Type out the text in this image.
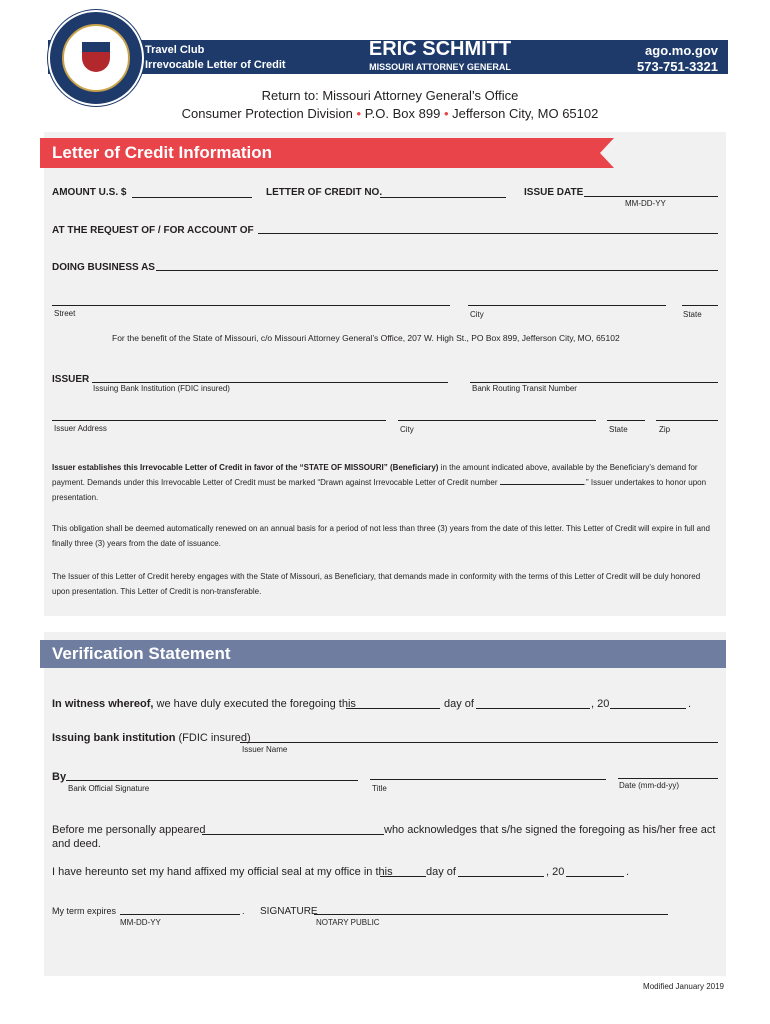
Travel Club
Irrevocable Letter of Credit
ERIC SCHMITT
MISSOURI ATTORNEY GENERAL
ago.mo.gov
573-751-3321
Return to: Missouri Attorney General’s Office
Consumer Protection Division • P.O. Box 899 • Jefferson City, MO 65102
Letter of Credit Information
AMOUNT U.S. $	LETTER OF CREDIT NO.	ISSUE DATE
MM-DD-YY
AT THE REQUEST OF / FOR ACCOUNT OF
DOING BUSINESS AS
Street	City	State
For the benefit of the State of Missouri, c/o Missouri Attorney General’s Office, 207 W. High St., PO Box 899, Jefferson City, MO, 65102
ISSUER
Issuing Bank Institution (FDIC insured)	Bank Routing Transit Number
Issuer Address	City	State	Zip
Issuer establishes this Irrevocable Letter of Credit in favor of the “STATE OF MISSOURI” (Beneficiary) in the amount indicated above, available by the Beneficiary’s demand for payment. Demands under this Irrevocable Letter of Credit must be marked “Drawn against Irrevocable Letter of Credit number	.” Issuer undertakes to honor upon presentation.
This obligation shall be deemed automatically renewed on an annual basis for a period of not less than three (3) years from the date of this letter. This Letter of Credit will expire in full and finally three (3) years from the date of issuance.
The Issuer of this Letter of Credit hereby engages with the State of Missouri, as Beneficiary, that demands made in conformity with the terms of this Letter of Credit will be duly honored upon presentation. This Letter of Credit is non-transferable.
Verification Statement
In witness whereof, we have duly executed the foregoing this	day of	, 20	.
Issuing bank institution (FDIC insured)
Issuer Name
By
Bank Official Signature	Title	Date (mm-dd-yy)
Before me personally appeared	who acknowledges that s/he signed the foregoing as his/her free act
and deed.
I have hereunto set my hand affixed my official seal at my office in this	day of	, 20	.
My term expires	.
MM-DD-YY
SIGNATURE
NOTARY PUBLIC
Modified January 2019
